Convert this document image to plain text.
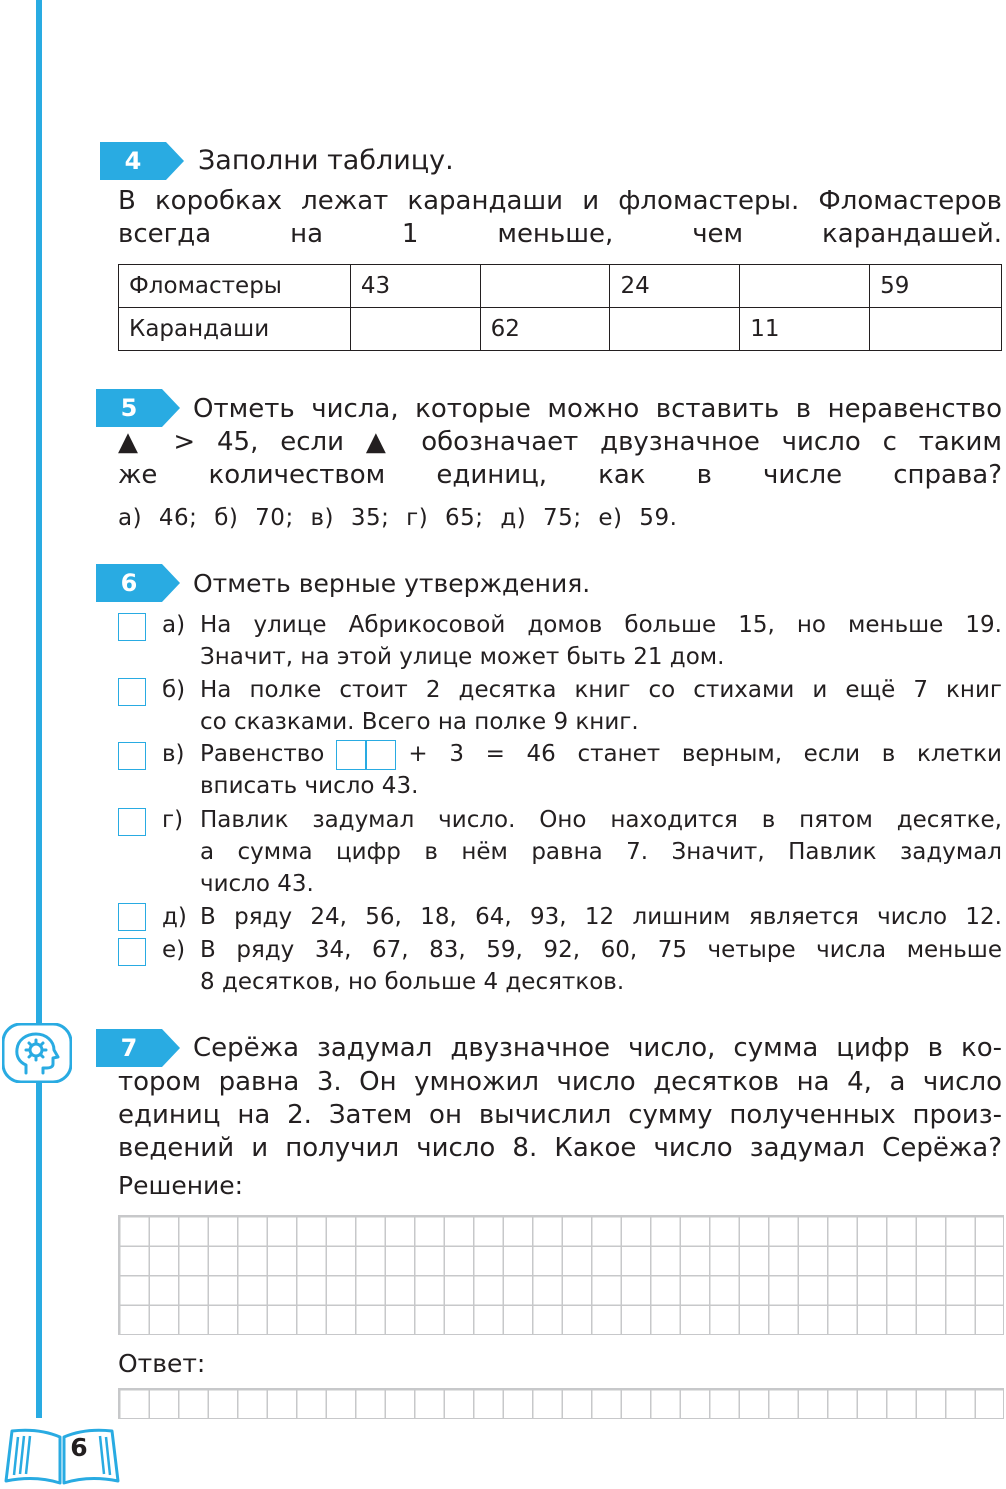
4	Заполни таблицу.
В коробках лежат карандаши и фломастеры. Фломастеров
всегда на 1 меньше, чем карандашей.
Фломастеры	43		24		59
Карандаши		62		11	
5	Отметь числа, которые можно вставить в неравенство
▲ > 45, если ▲ обозначает двузначное число с таким
же количеством единиц, как в числе справа?
а) 46; б) 70; в) 35; г) 65; д) 75; е) 59.
6	Отметь верные утверждения.
а) На улице Абрикосовой домов больше 15, но меньше 19.
Значит, на этой улице может быть 21 дом.
б) На полке стоит 2 десятка книг со стихами и ещё 7 книг
со сказками. Всего на полке 9 книг.
в) Равенство	+ 3 = 46 станет верным, если в клетки
вписать число 43.
г) Павлик задумал число. Оно находится в пятом десятке,
а сумма цифр в нём равна 7. Значит, Павлик задумал
число 43.
д) В ряду 24, 56, 18, 64, 93, 12 лишним является число 12.
е) В ряду 34, 67, 83, 59, 92, 60, 75 четыре числа меньше
8 десятков, но больше 4 десятков.
7	Серёжа задумал двузначное число, сумма цифр в ко-
тором равна 3. Он умножил число десятков на 4, а число
единиц на 2. Затем он вычислил сумму полученных произ-
ведений и получил число 8. Какое число задумал Серёжа?
Решение:
Ответ:
6
